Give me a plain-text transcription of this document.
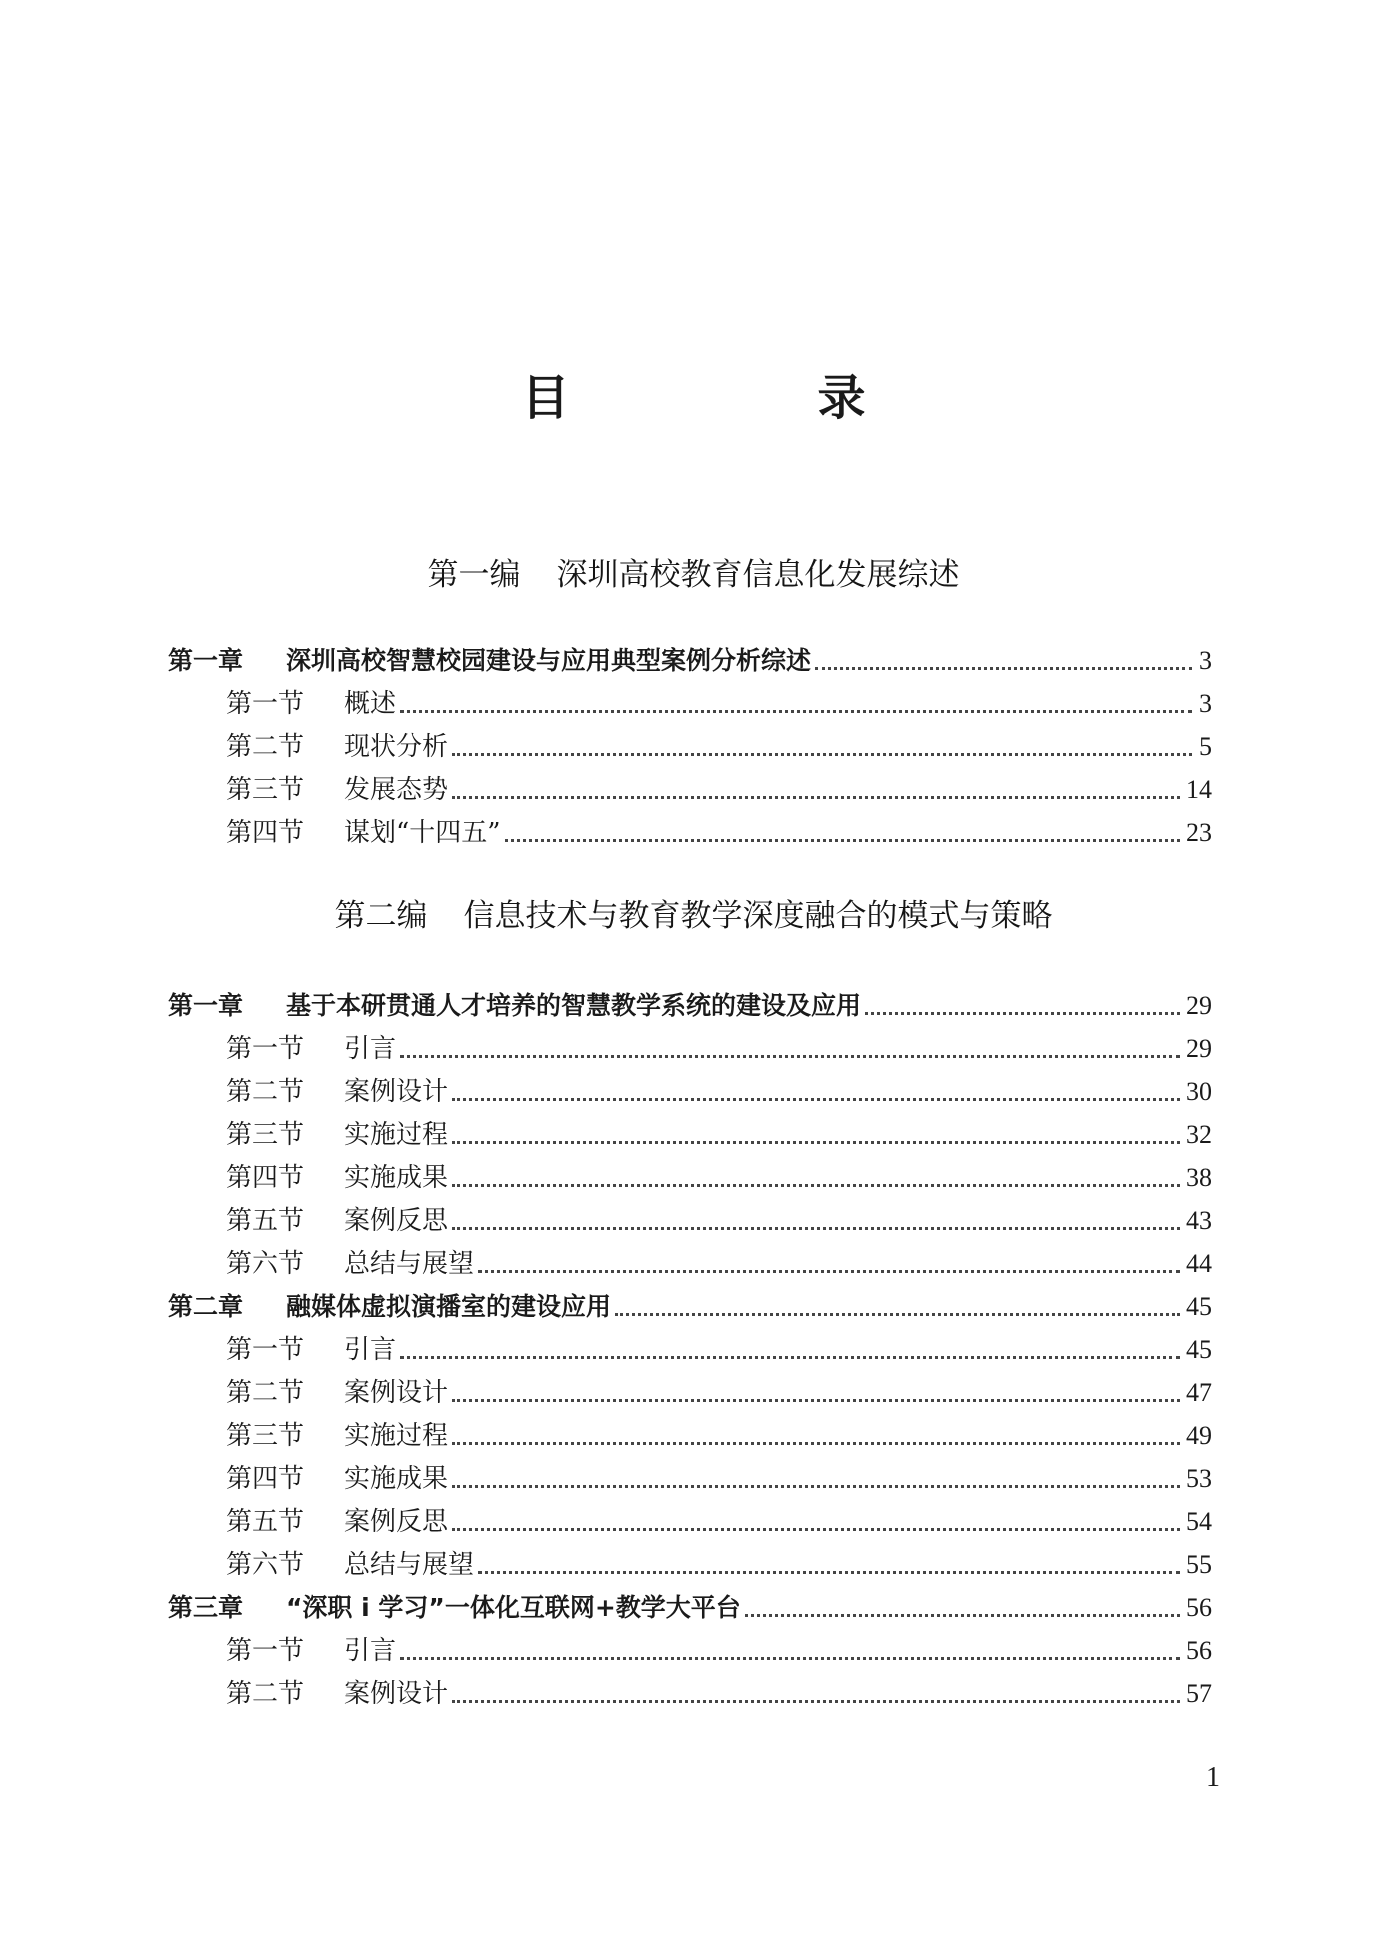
目　录
第一编 深圳高校教育信息化发展综述
第一章	深圳高校智慧校园建设与应用典型案例分析综述	3
第一节	概述	3
第二节	现状分析	5
第三节	发展态势	14
第四节	谋划“十四五”	23
第二编 信息技术与教育教学深度融合的模式与策略
第一章	基于本研贯通人才培养的智慧教学系统的建设及应用	29
第一节	引言	29
第二节	案例设计	30
第三节	实施过程	32
第四节	实施成果	38
第五节	案例反思	43
第六节	总结与展望	44
第二章	融媒体虚拟演播室的建设应用	45
第一节	引言	45
第二节	案例设计	47
第三节	实施过程	49
第四节	实施成果	53
第五节	案例反思	54
第六节	总结与展望	55
第三章	“深职 i 学习”一体化互联网+教学大平台	56
第一节	引言	56
第二节	案例设计	57
1
